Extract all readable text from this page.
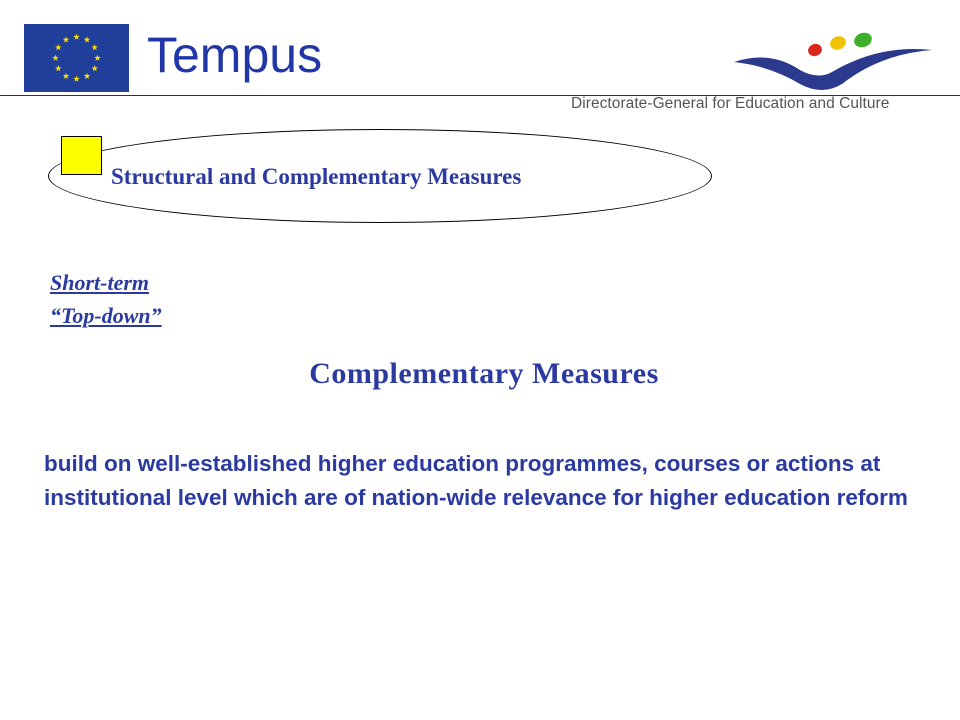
Tempus
Directorate-General for Education and Culture
Structural and Complementary Measures
Short-term
“Top-down”
Complementary Measures
build on well-established higher education programmes, courses or actions at institutional level which are of nation-wide relevance for higher education reform
